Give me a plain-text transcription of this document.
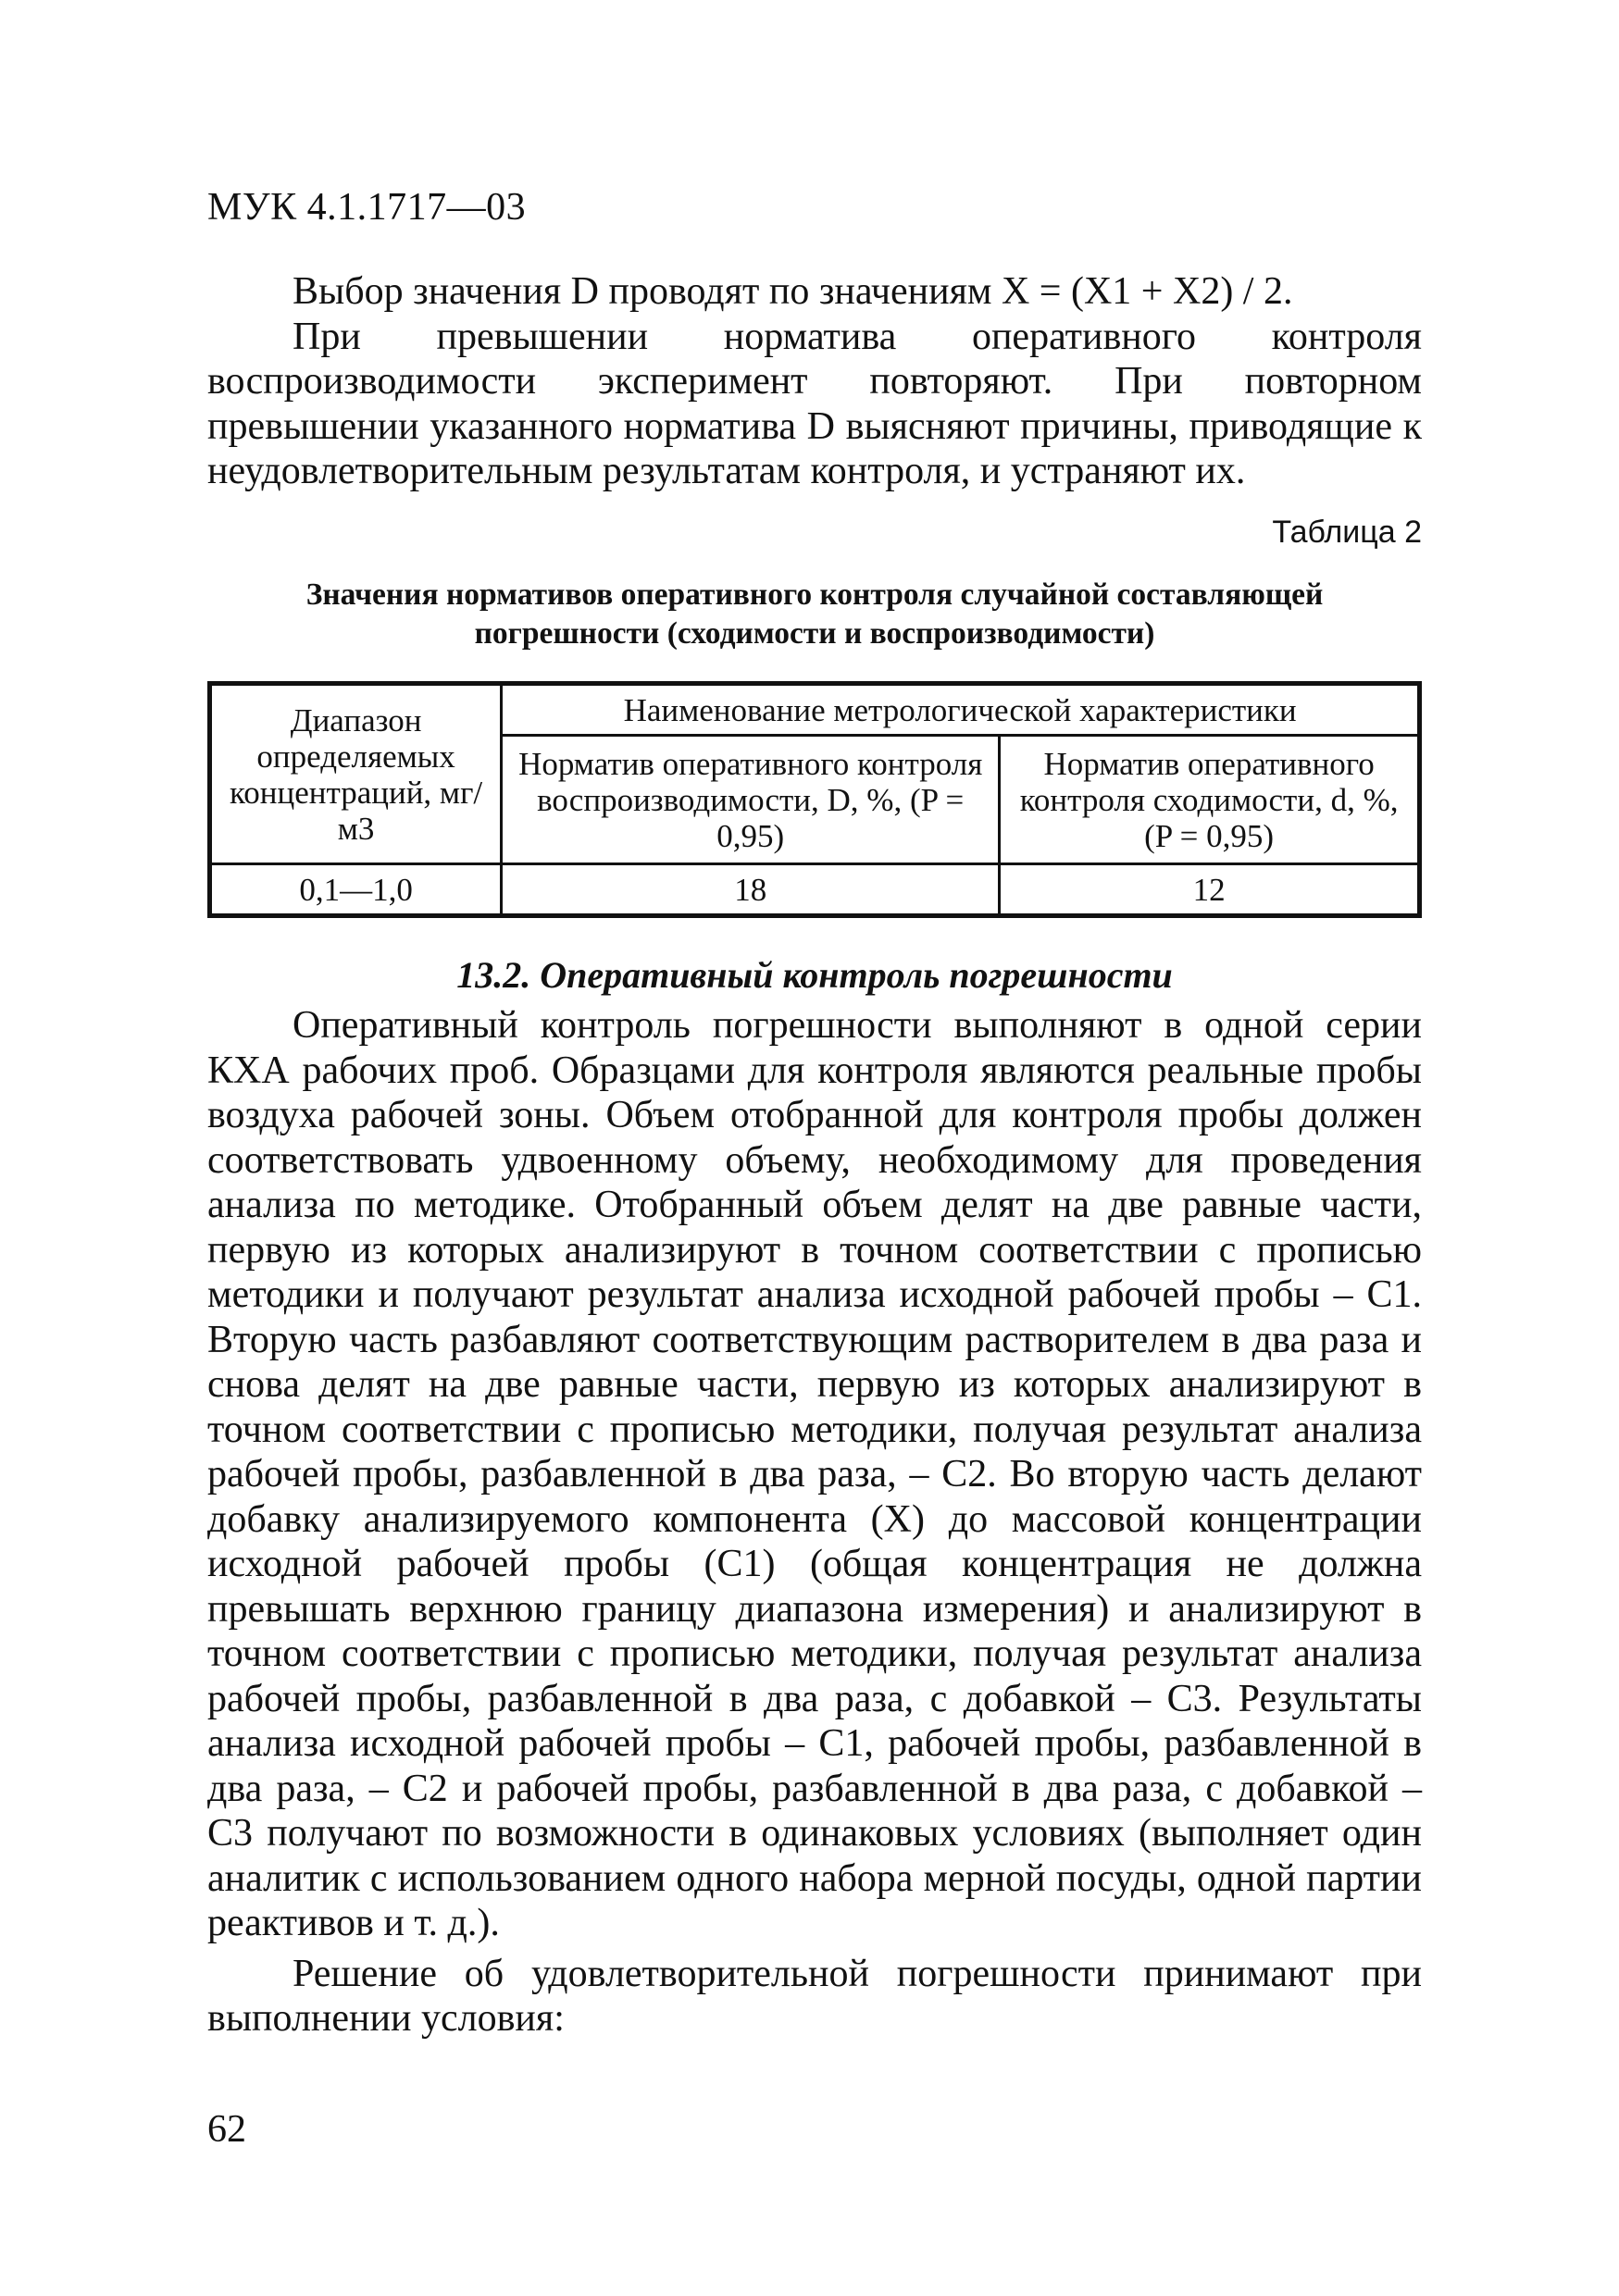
МУК 4.1.1717—03

Выбор значения D проводят по значениям X = (X1 + X2) / 2.

При превышении норматива оперативного контроля воспроизводимости эксперимент повторяют. При повторном превышении указанного норматива D выясняют причины, приводящие к неудовлетворительным результатам контроля, и устраняют их.

Таблица 2
Значения нормативов оперативного контроля случайной составляющей
погрешности (сходимости и воспроизводимости)
Диапазон определяемых концентраций, мг/м3	Наименование метрологической характеристики	
	Норматив оперативного контроля воспроизводимости, D, %, (P = 0,95)	Норматив оперативного контроля сходимости, d, %, (P = 0,95)
0,1—1,0	18	12
13.2. Оперативный контроль погрешности

Оперативный контроль погрешности выполняют в одной серии КХА рабочих проб. Образцами для контроля являются реальные пробы воздуха рабочей зоны. Объем отобранной для контроля пробы должен соответствовать удвоенному объему, необходимому для проведения анализа по методике. Отобранный объем делят на две равные части, первую из которых анализируют в точном соответствии с прописью методики и получают результат анализа исходной рабочей пробы – C1. Вторую часть разбавляют соответствующим растворителем в два раза и снова делят на две равные части, первую из которых анализируют в точном соответствии с прописью методики, получая результат анализа рабочей пробы, разбавленной в два раза, – C2. Во вторую часть делают добавку анализируемого компонента (X) до массовой концентрации исходной рабочей пробы (C1) (общая концентрация не должна превышать верхнюю границу диапазона измерения) и анализируют в точном соответствии с прописью методики, получая результат анализа рабочей пробы, разбавленной в два раза, с добавкой – C3. Результаты анализа исходной рабочей пробы – C1, рабочей пробы, разбавленной в два раза, – C2 и рабочей пробы, разбавленной в два раза, с добавкой – C3 получают по возможности в одинаковых условиях (выполняет один аналитик с использованием одного набора мерной посуды, одной партии реактивов и т. д.).

Решение об удовлетворительной погрешности принимают при выполнении условия:

62
